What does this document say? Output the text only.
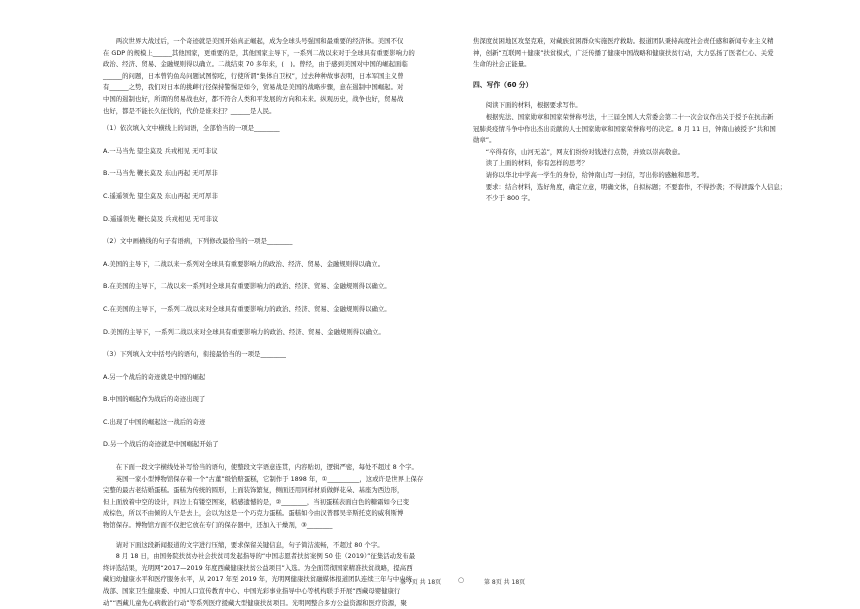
　　两次世界大战过后，一个奇迹就是美国开始真正崛起，成为全球头号强国和最重要的经济体。美国不仅

在 GDP 的规模上______其他国家，更重要的是，其他国家主导下，一系列二战以来对于全球具有重要影响力的

政治、经济、贸易、金融规则得以确立。二战结束 70 多年来，(　)。曾经，由于感到美国对中国的崛起面临

______的问题，日本曾钓鱼岛问题试图惊吃，行使所谓“集体自卫权”，过去种种故事表明，日本军国主义曾

有______之势，我们对日本的挑衅行径保持警惕是如今，贸易战是美国的战略步骤，意在遏制中国崛起。对

中国的遏制也好，所谓的贸易战也好，都不符合人类和平发展的方向和未来。纵观历史，战争也好，贸易战

也好，都是不能长久征伐的，代价是谁来扫？______是人民。

（1）依次填入文中横线上的词语，全部恰当的一项是________

A.一马当先 望尘莫及 兵戎相见 无可非议

B.一马当先 鞭长莫及 东山再起 无可厚非

C.遥遥领先 望尘莫及 东山再起 无可厚非

D.遥遥领先 鞭长莫及 兵戎相见 无可非议

（2）文中画横线的句子有语病，下列修改最恰当的一项是________

A.美国的主导下，二战以来一系列对全球具有重要影响力的政治、经济、贸易、金融规则得以确立。

B.在美国的主导下，二战以来一系列对全球具有重要影响力的政治、经济、贸易、金融规则得以确立。

C.在美国的主导下，一系列二战以来对全球具有重要影响力的政治、经济、贸易、金融规则得以确立。

D.美国的主导下，一系列二战以来对全球具有重要影响力的政治、经济、贸易、金融规则得以确立。

（3）下列填入文中括号内的语句，衔接最恰当的一项是________

A.另一个战后的奇迹就是中国的崛起

B.中国的崛起作为战后的奇迹出现了

C.出现了中国的崛起这一战后的奇迹

D.另一个战后的奇迹就是中国崛起开始了

　　在下面一段文字横线处补写恰当的语句，使整段文字语意连贯，内容贴切，逻辑严密，每处不超过 8 个字。

　　英国一家小型博物馆保存着一个“古董”级恰赔蛋糕，它制作于 1898 年，①__________，这或许是世界上保存

完整的最古老结婚蛋糕。蛋糕为传统的圆形，上面装饰繁复，侧面还用同样材质做鲜花朵、基座为西边形，

但上面放着中空的设计，四边上有镂空图案，稍感遗憾的是，②________，当初蛋糕表面白色的糖霜如今已变

成棕色，所以不由倾的人午是去上，会以为这是一个巧克力蛋糕。蛋糕如今由汉普郡吴辛斯托克的威利斯博

物馆保存。博物馆方面不仅把它放在专门的保存器中，还加入干燥剂，③________

　　请对下面这段新闻报道的文字进行压缩，要求保留关键信息，句子简洁流畅，不超过 80 个字。

　　8 月 18 日，由国务院扶贫办社会扶贫司发起指导的“中国志愿者扶贫案例 50 佳（2019）”征集活动发布最

终评选结果，光明网“2017—2019 年度西藏健康扶贫公益项目”入选。为全面贯彻国家精准扶贫战略，提高西

藏妇幼健康水平和医疗服务水平，从 2017 年至 2019 年，光明网健康扶贫融媒体报道团队连续三年与中央统

战部、国家卫生健康委、中国人口宣传教育中心、中国光彩事业指导中心等机构联手开展“西藏母婴健康行

动”“西藏儿童先心病救治行动”等系列医疗援藏大型健康扶贫项目。光明网整合多方公益资源和医疗资源，聚

焦深度贫困地区攻坚克难，对藏族贫困群众实施医疗救助。报道团队秉持高度社会责任感和新闻专业主义精

神，创新“互联网＋健康”扶贫模式，广泛传播了健康中国战略和健康扶贫行动，大力弘扬了医者仁心、关爱

生命的社会正能量。

四、写作（60 分）

　　阅读下面的材料，根据要求写作。

　　根据宪法、国家勋章和国家荣誉称号法，十三届全国人大常委会第二十一次会议作出关于授予在抗击新

冠肺炎疫情斗争中作出杰出贡献的人士国家勋章和国家荣誉称号的决定。8 月 11 日，钟南山被授予“共和国

勋章”。

　　“卒得有你，山河无恙”，网友们纷纷对钱进行点赞，并致以崇高敬意。

　　读了上面的材料，你有怎样的思考？

　　请你以华北中学高一学生的身份，给钟南山写一封信，写出你的感触和思考。

　　要求：结合材料，选好角度，确定立意，明确文体，自拟标题；不要套作，不得抄袭；不得泄露个人信息；

　　不少于 800 字。

第 7页 共 18页 ○	第 8页 共 18页
